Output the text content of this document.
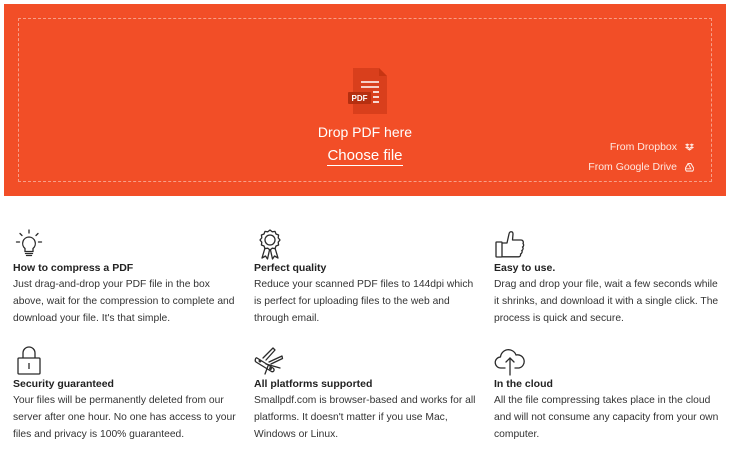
PDF
Drop PDF here
Choose file	From Dropbox
From Google Drive
How to compress a PDF
Just drag-and-drop your PDF file in the box above, wait for the compression to complete and download your file. It's that simple.
Perfect quality
Reduce your scanned PDF files to 144dpi which is perfect for uploading files to the web and through email.
Easy to use.
Drag and drop your file, wait a few seconds while it shrinks, and download it with a single click. The process is quick and secure.
Security guaranteed
Your files will be permanently deleted from our server after one hour. No one has access to your files and privacy is 100% guaranteed.
All platforms supported
Smallpdf.com is browser-based and works for all platforms. It doesn't matter if you use Mac, Windows or Linux.
In the cloud
All the file compressing takes place in the cloud and will not consume any capacity from your own computer.
